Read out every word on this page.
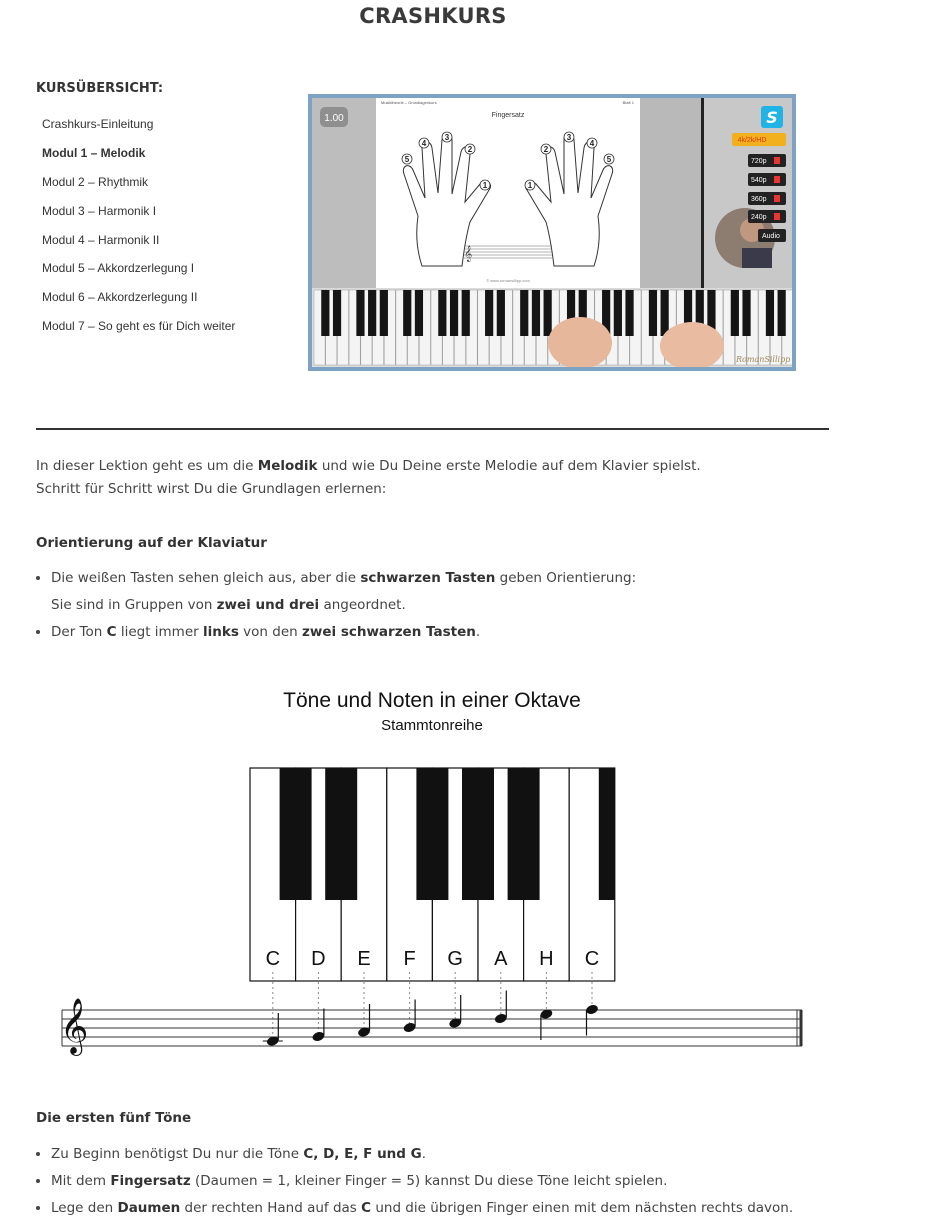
CRASHKURS
KURSÜBERSICHT:
Crashkurs-Einleitung
Modul 1 – Melodik
Modul 2 – Rhythmik
Modul 3 – Harmonik I
Modul 4 – Harmonik II
Modul 5 – Akkordzerlegung I
Modul 6 – Akkordzerlegung II
Modul 7 – So geht es für Dich weiter
1.00
Musiktheorie – Grundlagenkurs	Blatt 1
Fingersatz
5
4
3
2
1	1
2
3
4
5
𝄞
© www.romansillipp.com
S
4k/2k/HD
720p
540p
360p
240p
Audio
RomanSillipp
In dieser Lektion geht es um die Melodik und wie Du Deine erste Melodie auf dem Klavier spielst.
Schritt für Schritt wirst Du die Grundlagen erlernen:
Orientierung auf der Klaviatur
• Die weißen Tasten sehen gleich aus, aber die schwarzen Tasten geben Orientierung:
Sie sind in Gruppen von zwei und drei angeordnet.
• Der Ton C liegt immer links von den zwei schwarzen Tasten.
Töne und Noten in einer Oktave
Stammtonreihe
C D E F G A H C
𝄞
Die ersten fünf Töne
• Zu Beginn benötigst Du nur die Töne C, D, E, F und G.
• Mit dem Fingersatz (Daumen = 1, kleiner Finger = 5) kannst Du diese Töne leicht spielen.
• Lege den Daumen der rechten Hand auf das C und die übrigen Finger einen mit dem nächsten rechts davon.
